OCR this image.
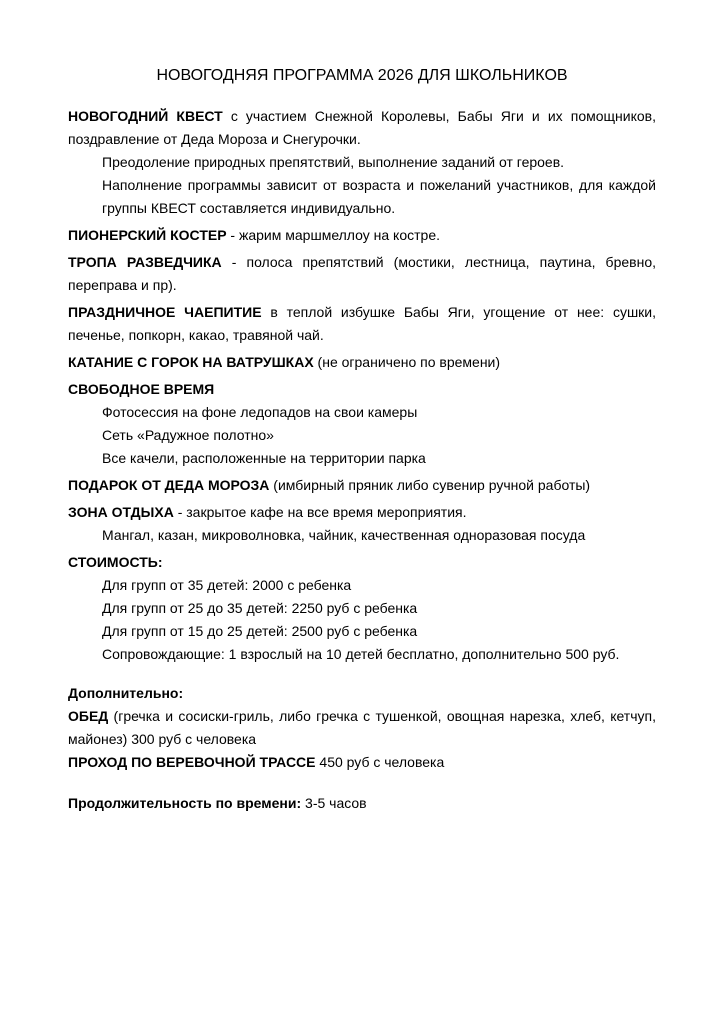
НОВОГОДНЯЯ ПРОГРАММА 2026 ДЛЯ ШКОЛЬНИКОВ

НОВОГОДНИЙ КВЕСТ с участием Снежной Королевы, Бабы Яги и их помощников, поздравление от Деда Мороза и Снегурочки.

Преодоление природных препятствий, выполнение заданий от героев.

Наполнение программы зависит от возраста и пожеланий участников, для каждой группы КВЕСТ составляется индивидуально.

ПИОНЕРСКИЙ КОСТЕР - жарим маршмеллоу на костре.

ТРОПА РАЗВЕДЧИКА - полоса препятствий (мостики, лестница, паутина, бревно, переправа и пр).

ПРАЗДНИЧНОЕ ЧАЕПИТИЕ в теплой избушке Бабы Яги, угощение от нее: сушки, печенье, попкорн, какао, травяной чай.

КАТАНИЕ С ГОРОК НА ВАТРУШКАХ (не ограничено по времени)

СВОБОДНОЕ ВРЕМЯ

Фотосессия на фоне ледопадов на свои камеры

Сеть «Радужное полотно»

Все качели, расположенные на территории парка

ПОДАРОК ОТ ДЕДА МОРОЗА (имбирный пряник либо сувенир ручной работы)

ЗОНА ОТДЫХА - закрытое кафе на все время мероприятия.

Мангал, казан, микроволновка, чайник, качественная одноразовая посуда

СТОИМОСТЬ:

Для групп от 35 детей: 2000 с ребенка

Для групп от 25 до 35 детей: 2250 руб с ребенка

Для групп от 15 до 25 детей: 2500 руб с ребенка

Сопровождающие: 1 взрослый на 10 детей бесплатно, дополнительно 500 руб.

Дополнительно:

ОБЕД (гречка и сосиски-гриль, либо гречка с тушенкой, овощная нарезка, хлеб, кетчуп, майонез) 300 руб с человека

ПРОХОД ПО ВЕРЕВОЧНОЙ ТРАССЕ 450 руб с человека

Продолжительность по времени: 3-5 часов
